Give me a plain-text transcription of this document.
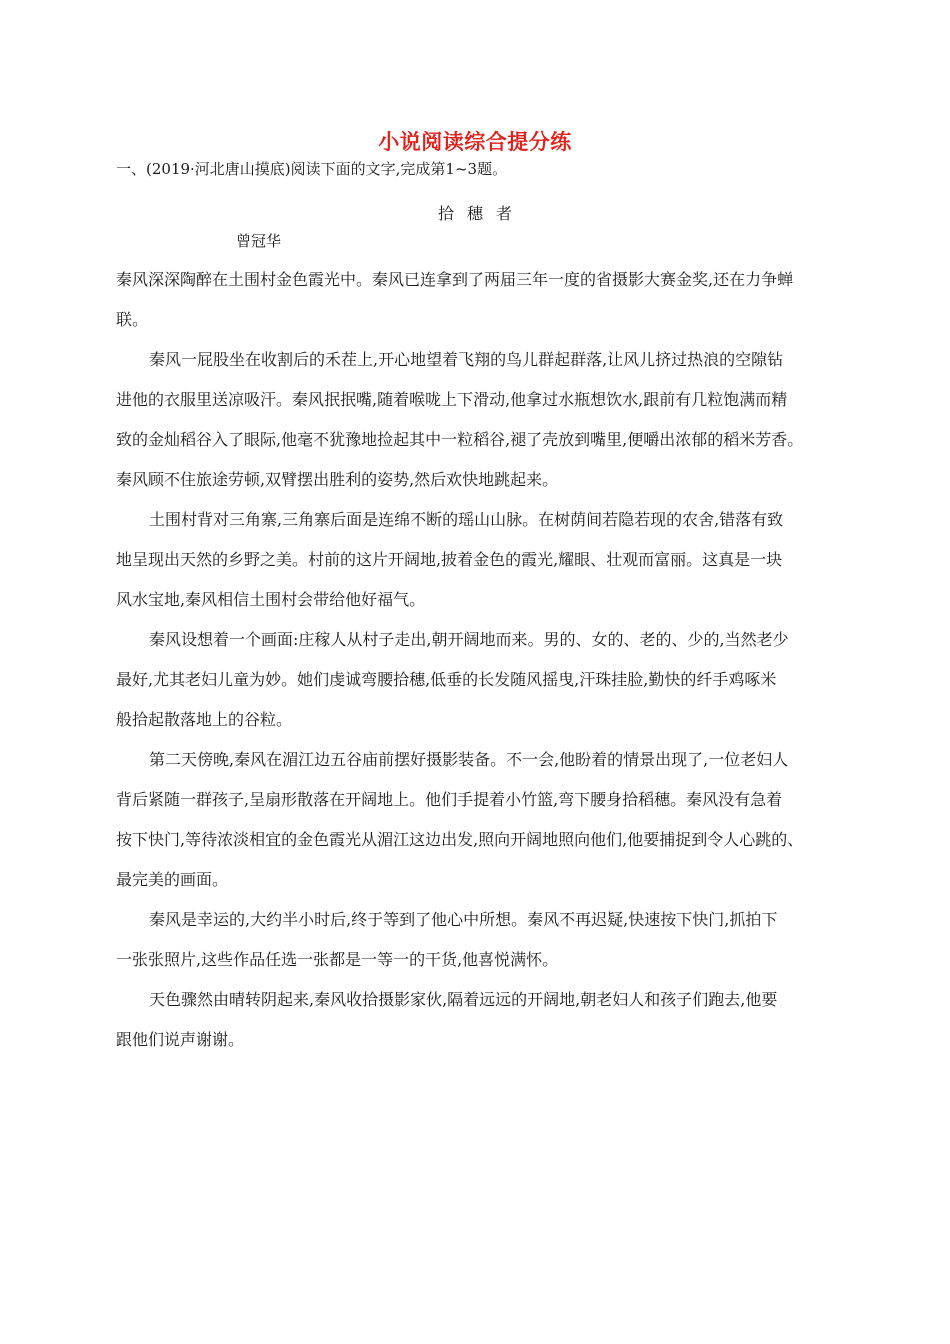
小说阅读综合提分练
一、(2019·河北唐山摸底)阅读下面的文字,完成第1~3题。
拾穗者
曾冠华
秦风深深陶醉在土围村金色霞光中。秦风已连拿到了两届三年一度的省摄影大赛金奖,还在力争蝉
联。
秦风一屁股坐在收割后的禾茬上,开心地望着飞翔的鸟儿群起群落,让风儿挤过热浪的空隙钻
进他的衣服里送凉吸汗。秦风抿抿嘴,随着喉咙上下滑动,他拿过水瓶想饮水,跟前有几粒饱满而精
致的金灿稻谷入了眼际,他毫不犹豫地捡起其中一粒稻谷,褪了壳放到嘴里,便嚼出浓郁的稻米芳香。
秦风顾不住旅途劳顿,双臂摆出胜利的姿势,然后欢快地跳起来。
土围村背对三角寨,三角寨后面是连绵不断的瑶山山脉。在树荫间若隐若现的农舍,错落有致
地呈现出天然的乡野之美。村前的这片开阔地,披着金色的霞光,耀眼、壮观而富丽。这真是一块
风水宝地,秦风相信土围村会带给他好福气。
秦风设想着一个画面:庄稼人从村子走出,朝开阔地而来。男的、女的、老的、少的,当然老少
最好,尤其老妇儿童为妙。她们虔诚弯腰拾穗,低垂的长发随风摇曳,汗珠挂脸,勤快的纤手鸡啄米
般拾起散落地上的谷粒。
第二天傍晚,秦风在湄江边五谷庙前摆好摄影装备。不一会,他盼着的情景出现了,一位老妇人
背后紧随一群孩子,呈扇形散落在开阔地上。他们手提着小竹篮,弯下腰身拾稻穗。秦风没有急着
按下快门,等待浓淡相宜的金色霞光从湄江这边出发,照向开阔地照向他们,他要捕捉到令人心跳的、
最完美的画面。
秦风是幸运的,大约半小时后,终于等到了他心中所想。秦风不再迟疑,快速按下快门,抓拍下
一张张照片,这些作品任选一张都是一等一的干货,他喜悦满怀。
天色骤然由晴转阴起来,秦风收拾摄影家伙,隔着远远的开阔地,朝老妇人和孩子们跑去,他要
跟他们说声谢谢。
